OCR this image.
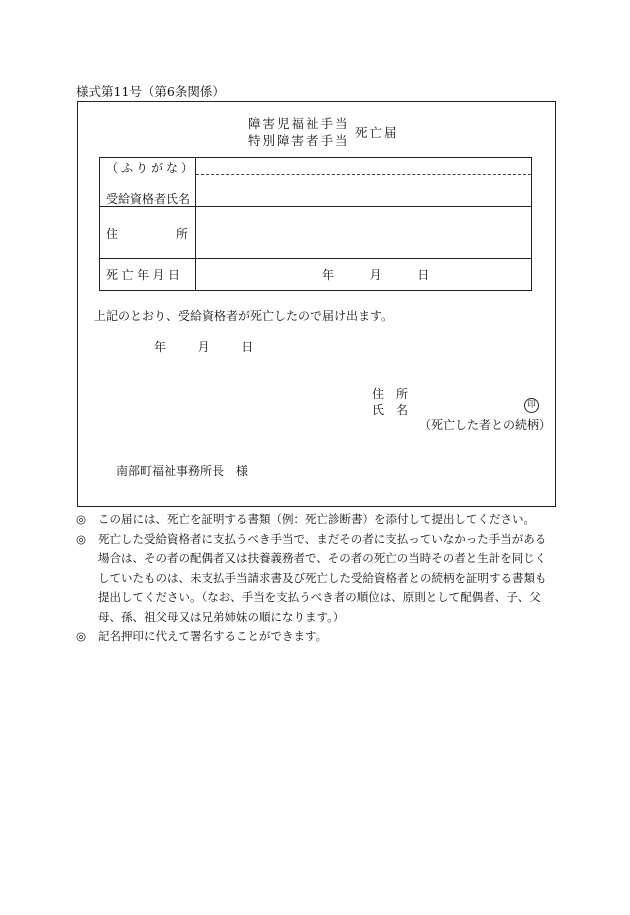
様式第11号（第6条関係）
障害児福祉手当
特別障害者手当
死亡届
（ふりがな）
受給資格者氏名
住	所
死亡年月日	年	月	日
上記のとおり、受給資格者が死亡したので届け出ます。
年	月	日
住　所
氏　名	印
（死亡した者との続柄）
南部町福祉事務所長　様
◎	この届には、死亡を証明する書類（例：死亡診断書）を添付して提出してください。
◎	死亡した受給資格者に支払うべき手当で、まだその者に支払っていなかった手当がある場合は、その者の配偶者又は扶養義務者で、その者の死亡の当時その者と生計を同じくしていたものは、未支払手当請求書及び死亡した受給資格者との続柄を証明する書類も提出してください。（なお、手当を支払うべき者の順位は、原則として配偶者、子、父母、孫、祖父母又は兄弟姉妹の順になります。）
◎	記名押印に代えて署名することができます。
